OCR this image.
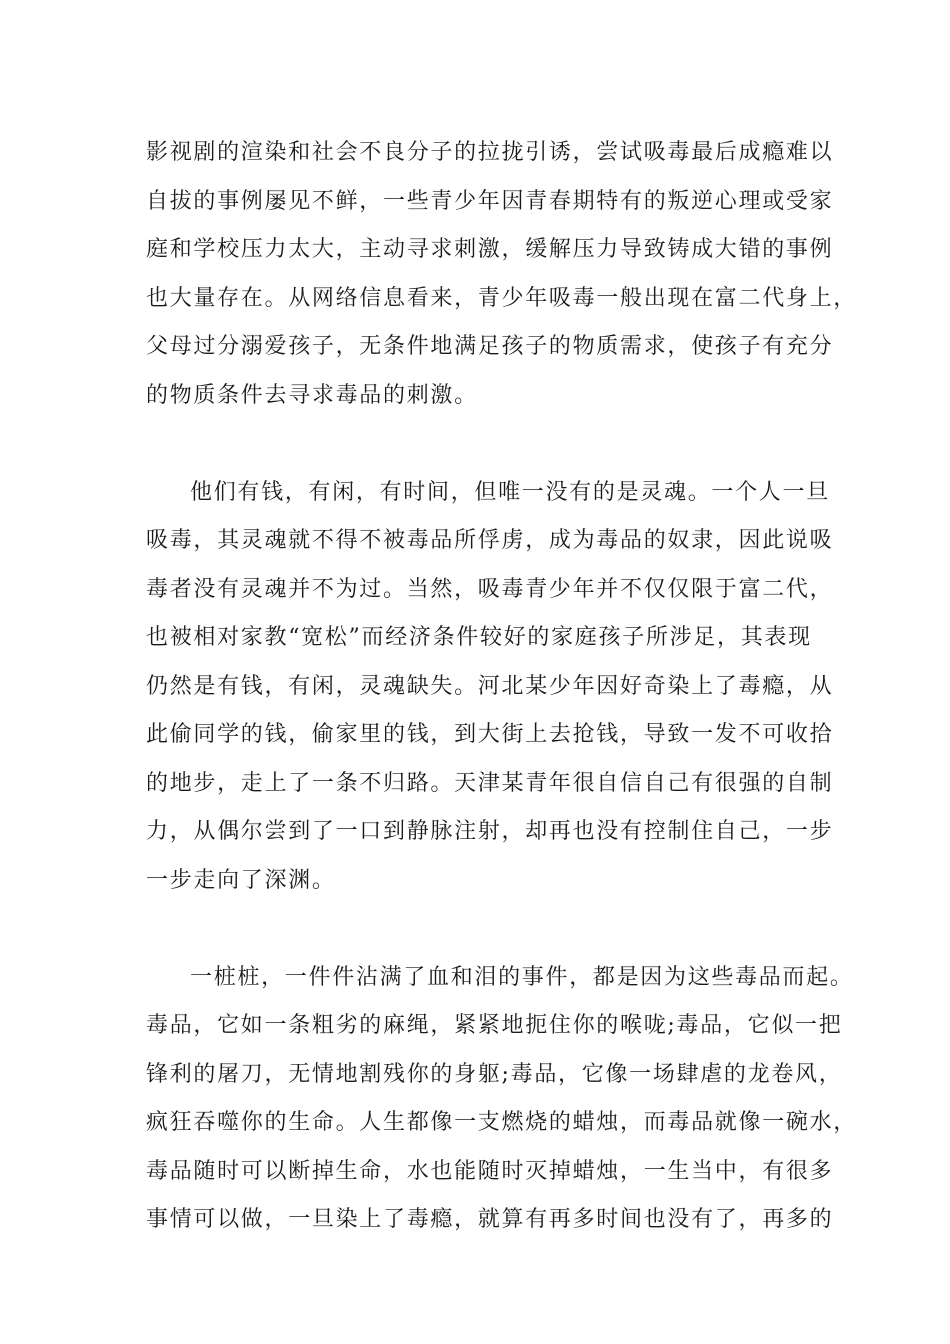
影视剧的渲染和社会不良分子的拉拢引诱，尝试吸毒最后成瘾难以
自拔的事例屡见不鲜，一些青少年因青春期特有的叛逆心理或受家
庭和学校压力太大，主动寻求刺激，缓解压力导致铸成大错的事例
也大量存在。从网络信息看来，青少年吸毒一般出现在富二代身上，
父母过分溺爱孩子，无条件地满足孩子的物质需求，使孩子有充分
的物质条件去寻求毒品的刺激。
他们有钱，有闲，有时间，但唯一没有的是灵魂。一个人一旦
吸毒，其灵魂就不得不被毒品所俘虏，成为毒品的奴隶，因此说吸
毒者没有灵魂并不为过。当然，吸毒青少年并不仅仅限于富二代，
也被相对家教“宽松”而经济条件较好的家庭孩子所涉足，其表现
仍然是有钱，有闲，灵魂缺失。河北某少年因好奇染上了毒瘾，从
此偷同学的钱，偷家里的钱，到大街上去抢钱，导致一发不可收拾
的地步，走上了一条不归路。天津某青年很自信自己有很强的自制
力，从偶尔尝到了一口到静脉注射，却再也没有控制住自己，一步
一步走向了深渊。
一桩桩，一件件沾满了血和泪的事件，都是因为这些毒品而起。
毒品，它如一条粗劣的麻绳，紧紧地扼住你的喉咙;毒品，它似一把
锋利的屠刀，无情地割残你的身躯;毒品，它像一场肆虐的龙卷风，
疯狂吞噬你的生命。人生都像一支燃烧的蜡烛，而毒品就像一碗水，
毒品随时可以断掉生命，水也能随时灭掉蜡烛，一生当中，有很多
事情可以做，一旦染上了毒瘾，就算有再多时间也没有了，再多的
